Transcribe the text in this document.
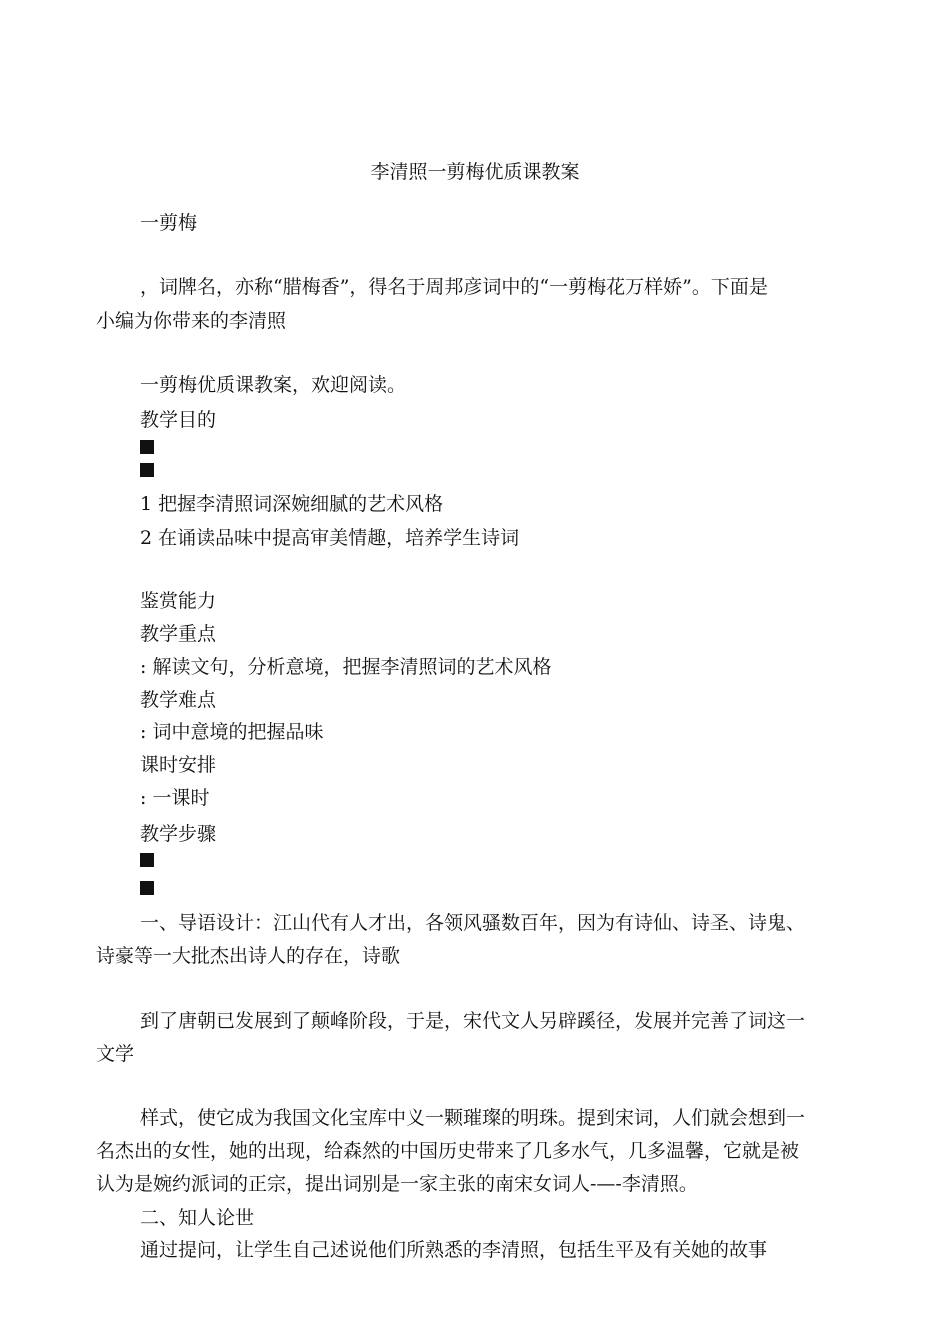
李清照一剪梅优质课教案
一剪梅
，词牌名，亦称“腊梅香”，得名于周邦彦词中的“一剪梅花万样娇”。下面是
小编为你带来的李清照
一剪梅优质课教案，欢迎阅读。
教学目的
1 把握李清照词深婉细腻的艺术风格
2 在诵读品味中提高审美情趣，培养学生诗词
鉴赏能力
教学重点
: 解读文句，分析意境，把握李清照词的艺术风格
教学难点
: 词中意境的把握品味
课时安排
: 一课时
教学步骤
一、导语设计：江山代有人才出，各领风骚数百年，因为有诗仙、诗圣、诗鬼、
诗豪等一大批杰出诗人的存在，诗歌
到了唐朝已发展到了颠峰阶段，于是，宋代文人另辟蹊径，发展并完善了词这一
文学
样式，使它成为我国文化宝库中义一颗璀璨的明珠。提到宋词，人们就会想到一
名杰出的女性，她的出现，给森然的中国历史带来了几多水气，几多温馨，它就是被
认为是婉约派词的正宗，提出词别是一家主张的南宋女词人-—-李清照。
二、知人论世
通过提问，让学生自己述说他们所熟悉的李清照，包括生平及有关她的故事
